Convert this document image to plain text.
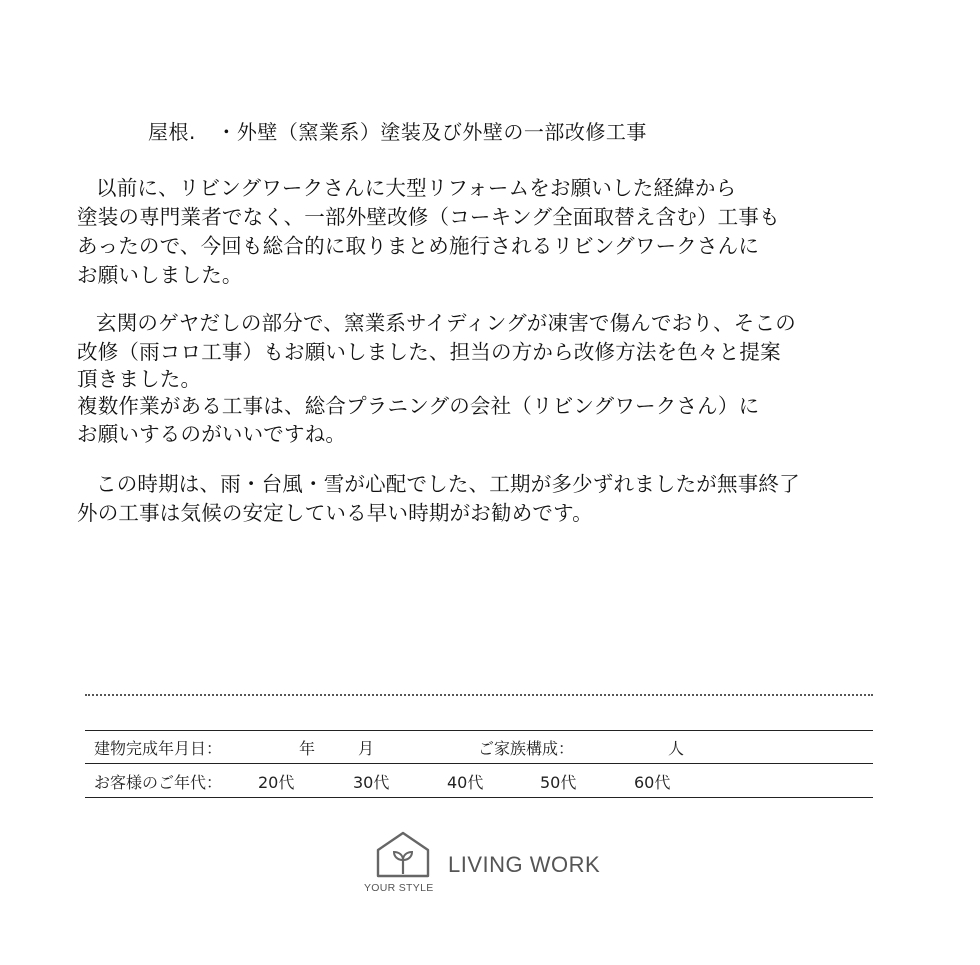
屋根.　・外壁（窯業系）塗装及び外壁の一部改修工事
以前に、リビングワークさんに大型リフォームをお願いした経緯から
塗装の専門業者でなく、一部外壁改修（コーキング全面取替え含む）工事も
あったので、今回も総合的に取りまとめ施行されるリビングワークさんに
お願いしました。
玄関のゲヤだしの部分で、窯業系サイディングが凍害で傷んでおり、そこの
改修（雨コロ工事）もお願いしました、担当の方から改修方法を色々と提案
頂きました。
複数作業がある工事は、総合プラニングの会社（リビングワークさん）に
お願いするのがいいですね。
この時期は、雨・台風・雪が心配でした、工期が多少ずれましたが無事終了
外の工事は気候の安定している早い時期がお勧めです。
建物完成年月日：	年	月	ご家族構成：	人
お客様のご年代： 20代	30代	40代	50代	60代
YOUR STYLE
LIVING WORK
